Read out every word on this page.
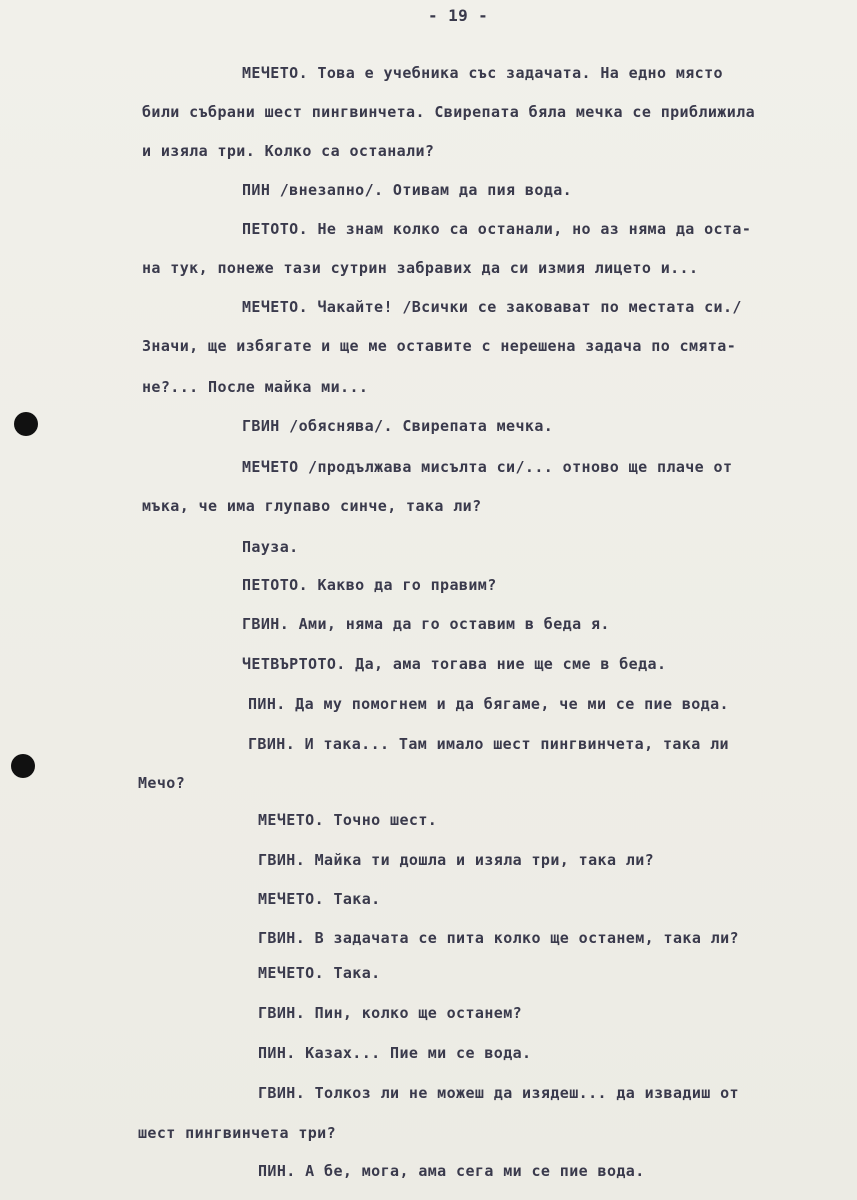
- 19 -

МЕЧЕТО. Това е учебника със задачата. На едно място

били събрани шест пингвинчета. Свирепата бяла мечка се приближила

и изяла три. Колко са останали?

ПИН /внезапно/. Отивам да пия вода.

ПЕТОТО. Не знам колко са останали, но аз няма да оста-

на тук, понеже тази сутрин забравих да си измия лицето и...

МЕЧЕТО. Чакайте! /Всички се заковават по местата си./

Значи, ще избягате и ще ме оставите с нерешена задача по смята-

не?... После майка ми...

ГВИН /обяснява/. Свирепата мечка.

МЕЧЕТО /продължава мисълта си/... отново ще плаче от

мъка, че има глупаво синче, така ли?

Пауза.

ПЕТОТО. Какво да го правим?

ГВИН. Ами, няма да го оставим в беда я.

ЧЕТВЪРТОТО. Да, ама тогава ние ще сме в беда.

ПИН. Да му помогнем и да бягаме, че ми се пие вода.

ГВИН. И така... Там имало шест пингвинчета, така ли

Мечо?

МЕЧЕТО. Точно шест.

ГВИН. Майка ти дошла и изяла три, така ли?

МЕЧЕТО. Така.

ГВИН. В задачата се пита колко ще останем, така ли?

МЕЧЕТО. Така.

ГВИН. Пин, колко ще останем?

ПИН. Казах... Пие ми се вода.

ГВИН. Толкоз ли не можеш да изядеш... да извадиш от

шест пингвинчета три?

ПИН. А бе, мога, ама сега ми се пие вода.
